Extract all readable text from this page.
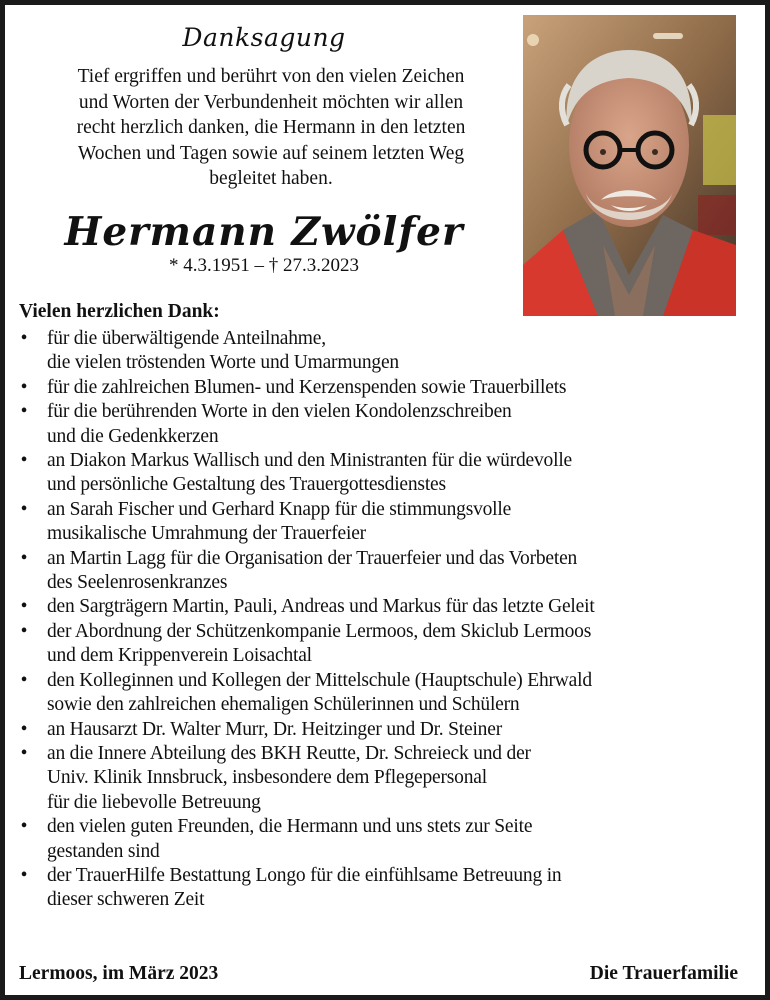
Danksagung
Tief ergriffen und berührt von den vielen Zeichen
und Worten der Verbundenheit möchten wir allen
recht herzlich danken, die Hermann in den letzten
Wochen und Tagen sowie auf seinem letzten Weg
begleitet haben.
Hermann Zwölfer
* 4.3.1951 – † 27.3.2023
Vielen herzlichen Dank:
• für die überwältigende Anteilnahme,
die vielen tröstenden Worte und Umarmungen
• für die zahlreichen Blumen- und Kerzenspenden sowie Trauerbillets
• für die berührenden Worte in den vielen Kondolenzschreiben
und die Gedenkkerzen
• an Diakon Markus Wallisch und den Ministranten für die würdevolle
und persönliche Gestaltung des Trauergottesdienstes
• an Sarah Fischer und Gerhard Knapp für die stimmungsvolle
musikalische Umrahmung der Trauerfeier
• an Martin Lagg für die Organisation der Trauerfeier und das Vorbeten
des Seelenrosenkranzes
• den Sargträgern Martin, Pauli, Andreas und Markus für das letzte Geleit
• der Abordnung der Schützenkompanie Lermoos, dem Skiclub Lermoos
und dem Krippenverein Loisachtal
• den Kolleginnen und Kollegen der Mittelschule (Hauptschule) Ehrwald
sowie den zahlreichen ehemaligen Schülerinnen und Schülern
• an Hausarzt Dr. Walter Murr, Dr. Heitzinger und Dr. Steiner
• an die Innere Abteilung des BKH Reutte, Dr. Schreieck und der
Univ. Klinik Innsbruck, insbesondere dem Pflegepersonal
für die liebevolle Betreuung
• den vielen guten Freunden, die Hermann und uns stets zur Seite
gestanden sind
• der TrauerHilfe Bestattung Longo für die einfühlsame Betreuung in
dieser schweren Zeit
Lermoos, im März 2023	Die Trauerfamilie
